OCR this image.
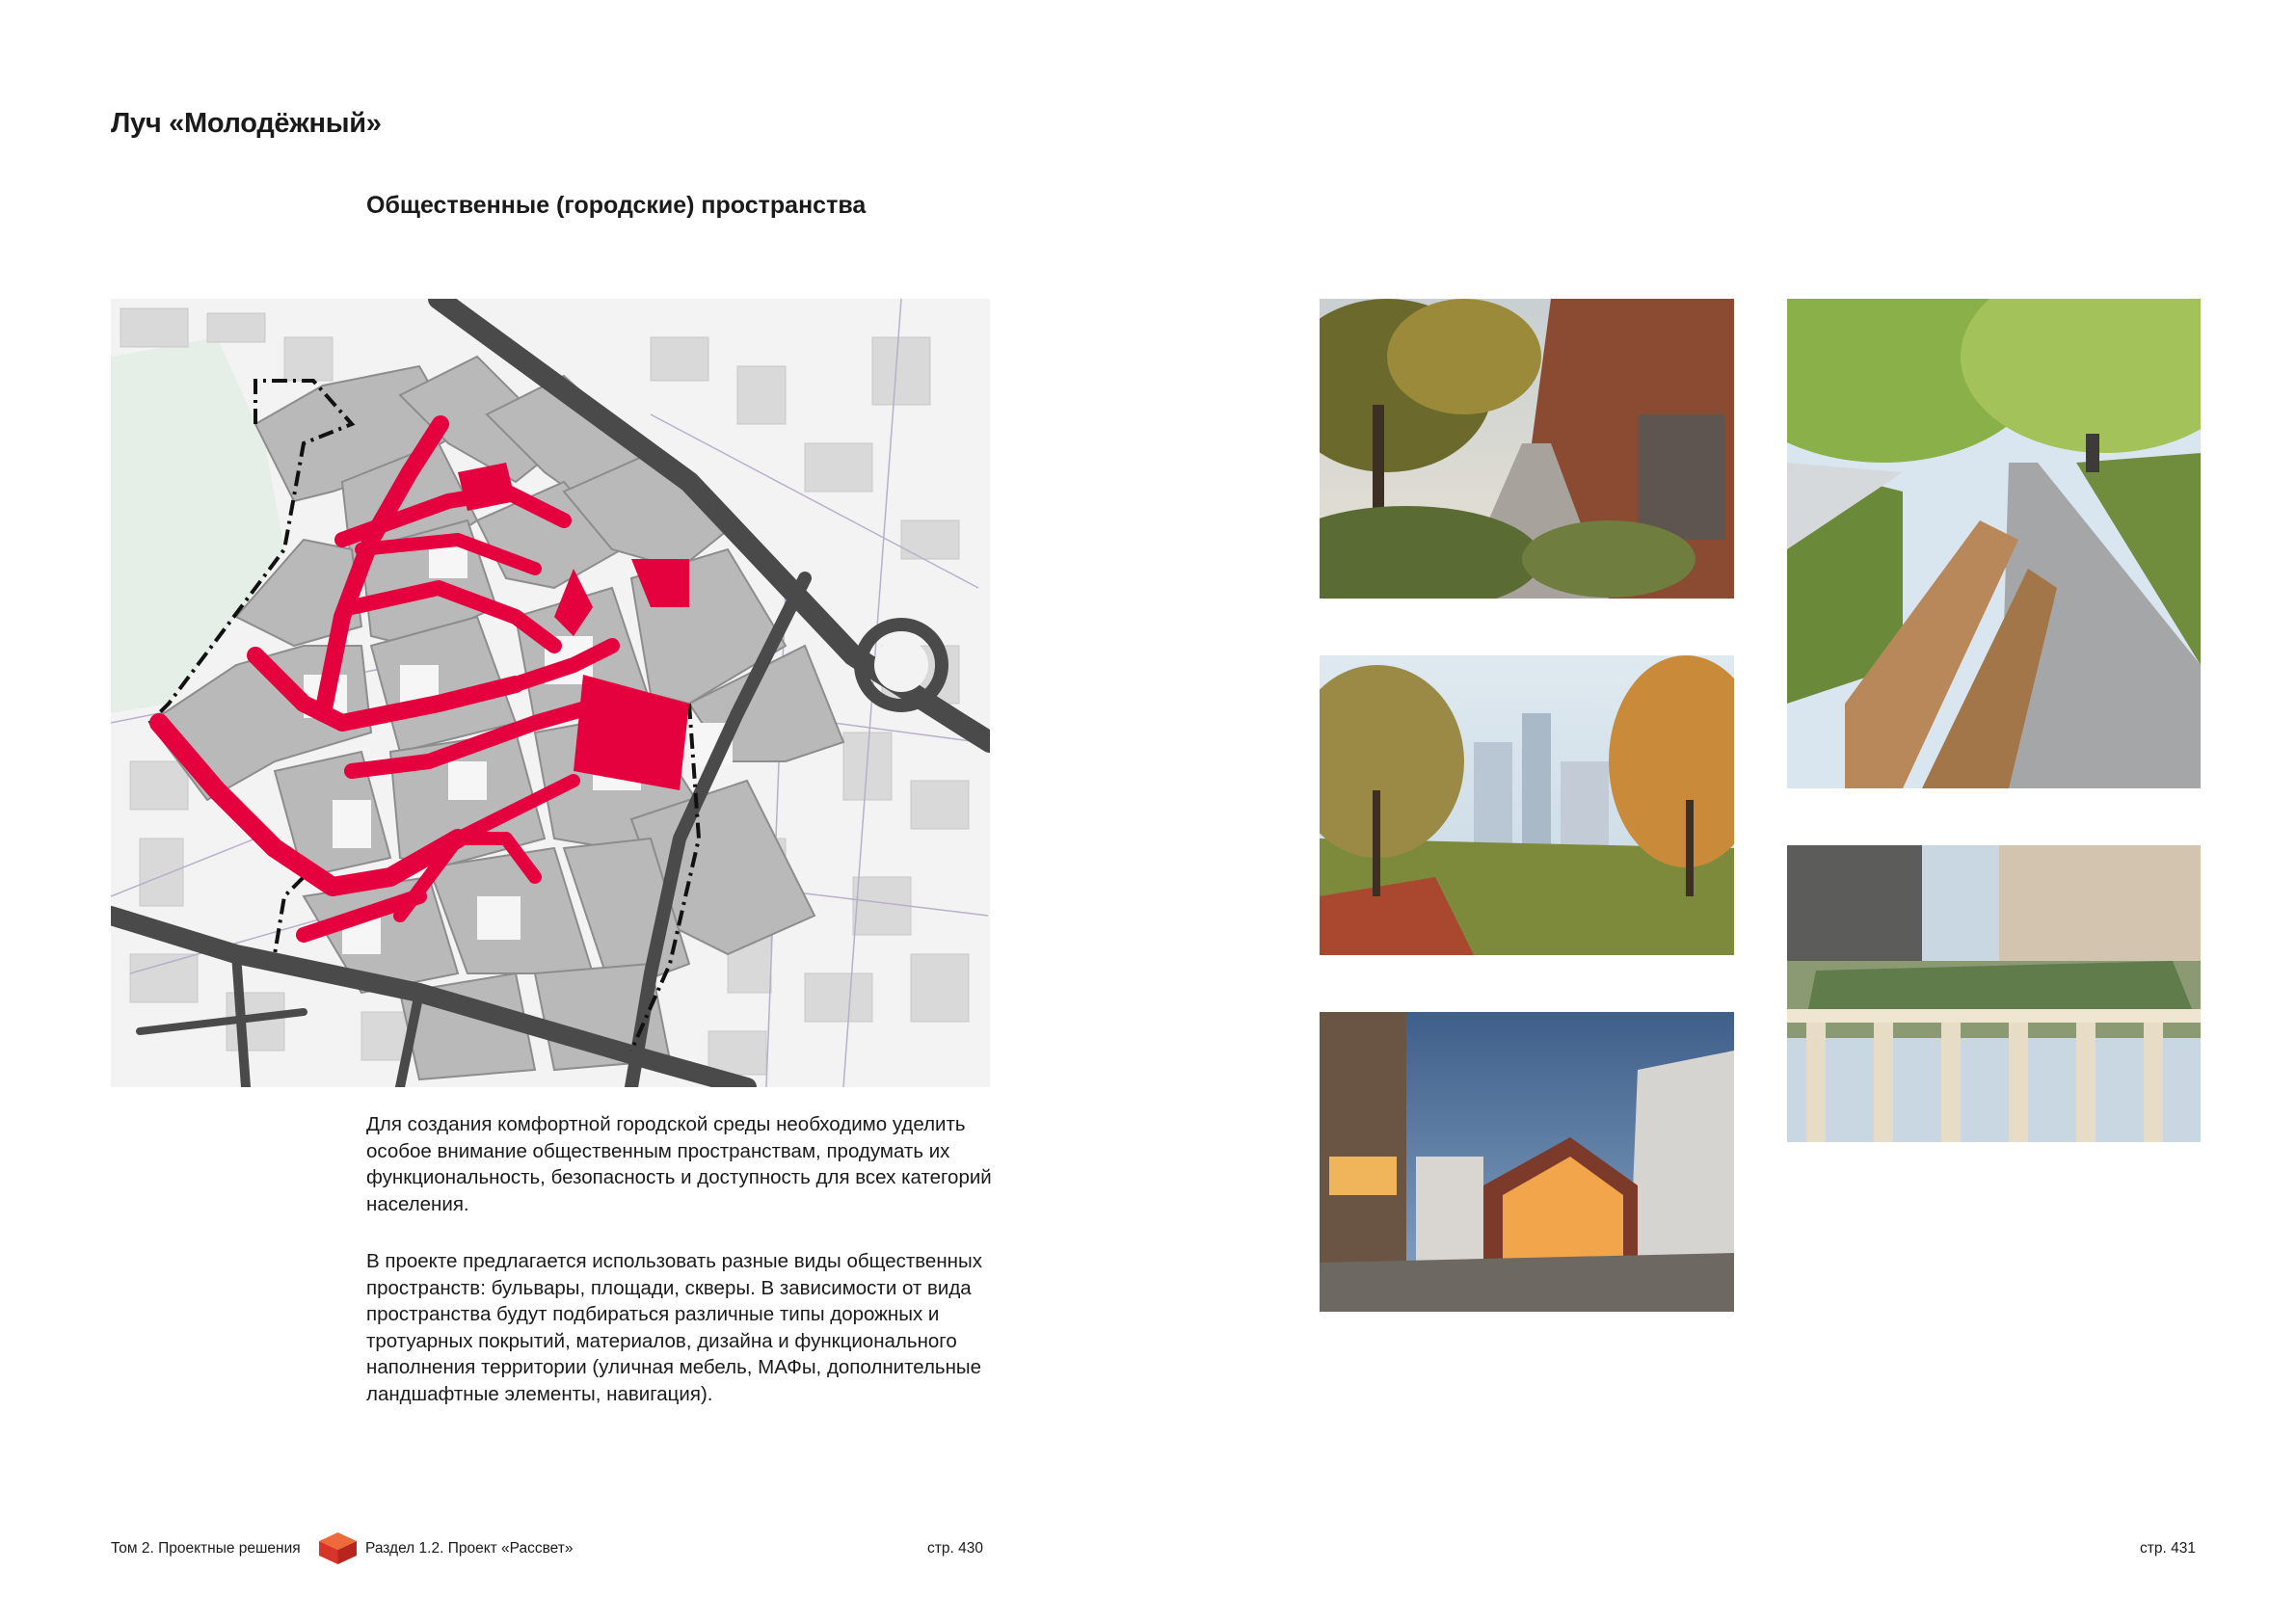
Луч «Молодёжный»
Общественные (городские) пространства

Для создания комфортной городской среды необходимо уделить особое внимание общественным пространствам, продумать их функциональность, безопасность и доступность для всех категорий населения.

В проекте предлагается использовать разные виды общественных пространств: бульвары, площади, скверы. В зависимости от вида пространства будут подбираться различные типы дорожных и тротуарных покрытий, материалов, дизайна и функционального наполнения территории (уличная мебель, МАФы, дополнительные ландшафтные элементы, навигация).

Том 2. Проектные решения	Раздел 1.2. Проект «Рассвет»	стр. 430	стр. 431
